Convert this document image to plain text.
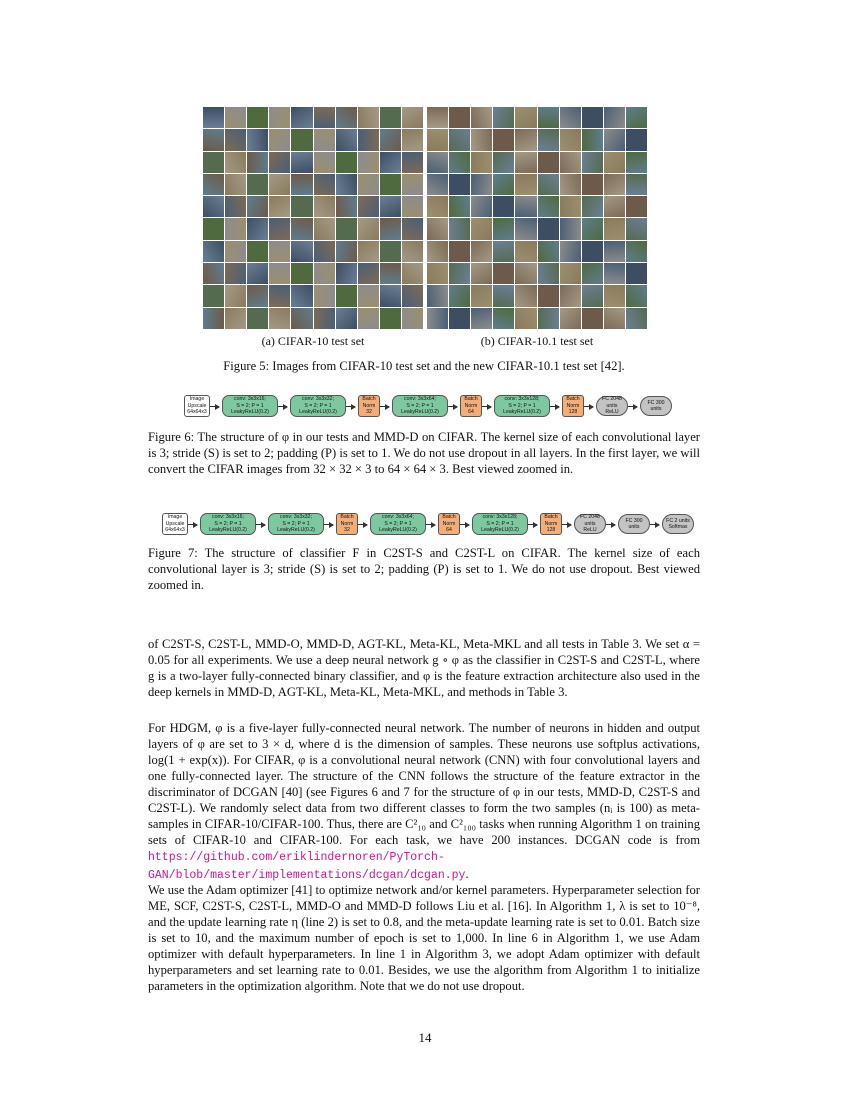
(a) CIFAR-10 test set	(b) CIFAR-10.1 test set
Figure 5: Images from CIFAR-10 test set and the new CIFAR-10.1 test set [42].
Image
Upscale
64x64x3
conv: 3x3x16;
S = 2; P = 1
LeakyReLU(0.2)
conv: 3x3x32;
S = 2; P = 1
LeakyReLU(0.2)
Batch
Norm
32
conv: 3x3x64;
S = 2; P = 1
LeakyReLU(0.2)
Batch
Norm
64
conv: 3x3x128;
S = 2; P = 1
LeakyReLU(0.2)
Batch
Norm
128
FC 2048
units
ReLU
FC 300
units
Figure 6: The structure of φ in our tests and MMD-D on CIFAR. The kernel size of each convolutional layer is 3; stride (S) is set to 2; padding (P) is set to 1. We do not use dropout in all layers. In the first layer, we will convert the CIFAR images from 32 × 32 × 3 to 64 × 64 × 3. Best viewed zoomed in.
Image
Upscale
64x64x3
conv: 3x3x16;
S = 2; P = 1
LeakyReLU(0.2)
conv: 3x3x32;
S = 2; P = 1
LeakyReLU(0.2)
Batch
Norm
32
conv: 3x3x64;
S = 2; P = 1
LeakyReLU(0.2)
Batch
Norm
64
conv: 3x3x128;
S = 2; P = 1
LeakyReLU(0.2)
Batch
Norm
128
FC 2048
units
ReLU
FC 300
units
FC 2 units
Softmax
Figure 7: The structure of classifier F in C2ST-S and C2ST-L on CIFAR. The kernel size of each convolutional layer is 3; stride (S) is set to 2; padding (P) is set to 1. We do not use dropout. Best viewed zoomed in.
of C2ST-S, C2ST-L, MMD-O, MMD-D, AGT-KL, Meta-KL, Meta-MKL and all tests in Table 3. We set α = 0.05 for all experiments. We use a deep neural network g ∘ φ as the classifier in C2ST-S and C2ST-L, where g is a two-layer fully-connected binary classifier, and φ is the feature extraction architecture also used in the deep kernels in MMD-D, AGT-KL, Meta-KL, Meta-MKL, and methods in Table 3.
For HDGM, φ is a five-layer fully-connected neural network. The number of neurons in hidden and output layers of φ are set to 3 × d, where d is the dimension of samples. These neurons use softplus activations, log(1 + exp(x)). For CIFAR, φ is a convolutional neural network (CNN) with four convolutional layers and one fully-connected layer. The structure of the CNN follows the structure of the feature extractor in the discriminator of DCGAN [40] (see Figures 6 and 7 for the structure of φ in our tests, MMD-D, C2ST-S and C2ST-L). We randomly select data from two different classes to form the two samples (nᵢ is 100) as meta-samples in CIFAR-10/CIFAR-100. Thus, there are C²₁₀ and C²₁₀₀ tasks when running Algorithm 1 on training sets of CIFAR-10 and CIFAR-100. For each task, we have 200 instances. DCGAN code is from https://github.com/eriklindernoren/PyTorch-GAN/blob/master/implementations/dcgan/dcgan.py.
We use the Adam optimizer [41] to optimize network and/or kernel parameters. Hyperparameter selection for ME, SCF, C2ST-S, C2ST-L, MMD-O and MMD-D follows Liu et al. [16]. In Algorithm 1, λ is set to 10⁻⁸, and the update learning rate η (line 2) is set to 0.8, and the meta-update learning rate is set to 0.01. Batch size is set to 10, and the maximum number of epoch is set to 1,000. In line 6 in Algorithm 1, we use Adam optimizer with default hyperparameters. In line 1 in Algorithm 3, we adopt Adam optimizer with default hyperparameters and set learning rate to 0.01. Besides, we use the algorithm from Algorithm 1 to initialize parameters in the optimization algorithm. Note that we do not use dropout.
14
